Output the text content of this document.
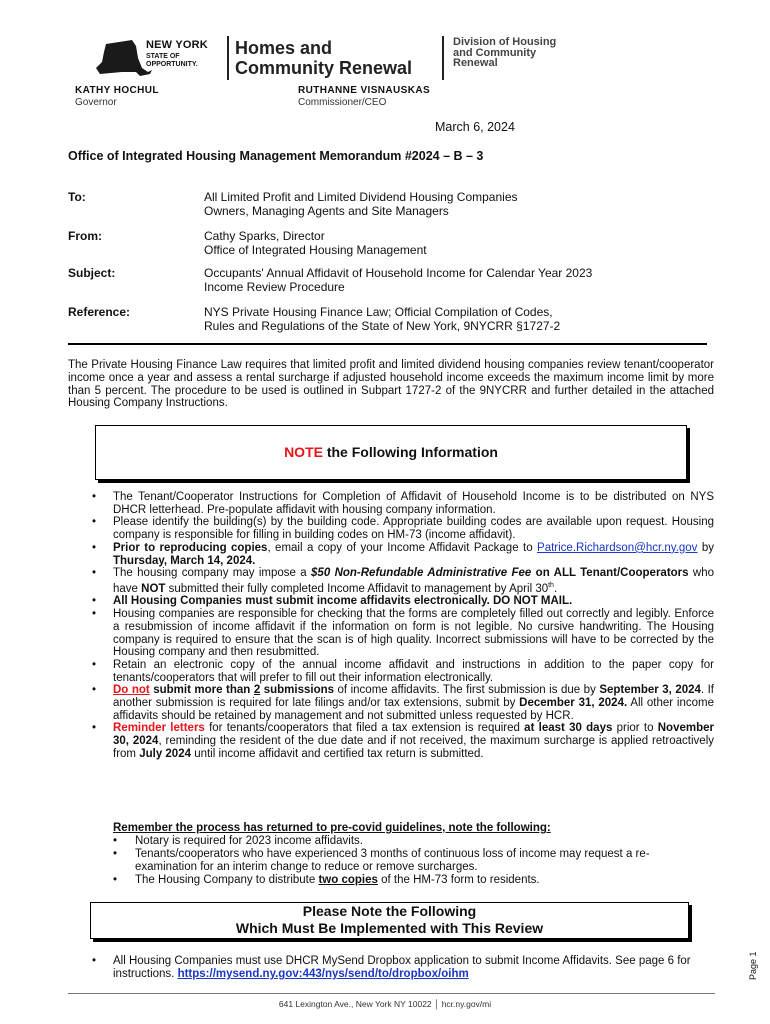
NEW YORK
STATE OF
OPPORTUNITY.
Homes and
Community Renewal
Division of Housing
and Community
Renewal
KATHY HOCHUL
Governor
RUTHANNE VISNAUSKAS
Commissioner/CEO
March 6, 2024
Office of Integrated Housing Management Memorandum #2024 – B – 3
To:	All Limited Profit and Limited Dividend Housing Companies
Owners, Managing Agents and Site Managers
From:	Cathy Sparks, Director
Office of Integrated Housing Management
Subject:	Occupants' Annual Affidavit of Household Income for Calendar Year 2023
Income Review Procedure
Reference:	NYS Private Housing Finance Law; Official Compilation of Codes,
Rules and Regulations of the State of New York, 9NYCRR §1727-2
The Private Housing Finance Law requires that limited profit and limited dividend housing companies review tenant/cooperator income once a year and assess a rental surcharge if adjusted household income exceeds the maximum income limit by more than 5 percent. The procedure to be used is outlined in Subpart 1727-2 of the 9NYCRR and further detailed in the attached Housing Company Instructions.
NOTE the Following Information
• The Tenant/Cooperator Instructions for Completion of Affidavit of Household Income is to be distributed on NYS DHCR letterhead. Pre-populate affidavit with housing company information.
• Please identify the building(s) by the building code. Appropriate building codes are available upon request. Housing company is responsible for filling in building codes on HM-73 (income affidavit).
• Prior to reproducing copies, email a copy of your Income Affidavit Package to Patrice.Richardson@hcr.ny.gov by Thursday, March 14, 2024.
• The housing company may impose a $50 Non-Refundable Administrative Fee on ALL Tenant/Cooperators who have NOT submitted their fully completed Income Affidavit to management by April 30th.
• All Housing Companies must submit income affidavits electronically. DO NOT MAIL.
• Housing companies are responsible for checking that the forms are completely filled out correctly and legibly. Enforce a resubmission of income affidavit if the information on form is not legible. No cursive handwriting. The Housing company is required to ensure that the scan is of high quality. Incorrect submissions will have to be corrected by the Housing company and then resubmitted.
• Retain an electronic copy of the annual income affidavit and instructions in addition to the paper copy for tenants/cooperators that will prefer to fill out their information electronically.
• Do not submit more than 2 submissions of income affidavits. The first submission is due by September 3, 2024. If another submission is required for late filings and/or tax extensions, submit by December 31, 2024. All other income affidavits should be retained by management and not submitted unless requested by HCR.
• Reminder letters for tenants/cooperators that filed a tax extension is required at least 30 days prior to November 30, 2024, reminding the resident of the due date and if not received, the maximum surcharge is applied retroactively from July 2024 until income affidavit and certified tax return is submitted.
Remember the process has returned to pre-covid guidelines, note the following:
• Notary is required for 2023 income affidavits.
• Tenants/cooperators who have experienced 3 months of continuous loss of income may request a re-examination for an interim change to reduce or remove surcharges.
• The Housing Company to distribute two copies of the HM-73 form to residents.
Please Note the Following
Which Must Be Implemented with This Review
• All Housing Companies must use DHCR MySend Dropbox application to submit Income Affidavits. See page 6 for instructions. https://mysend.ny.gov:443/nys/send/to/dropbox/oihm	Page 1
641 Lexington Ave., New York NY 10022 │ hcr.ny.gov/mi
